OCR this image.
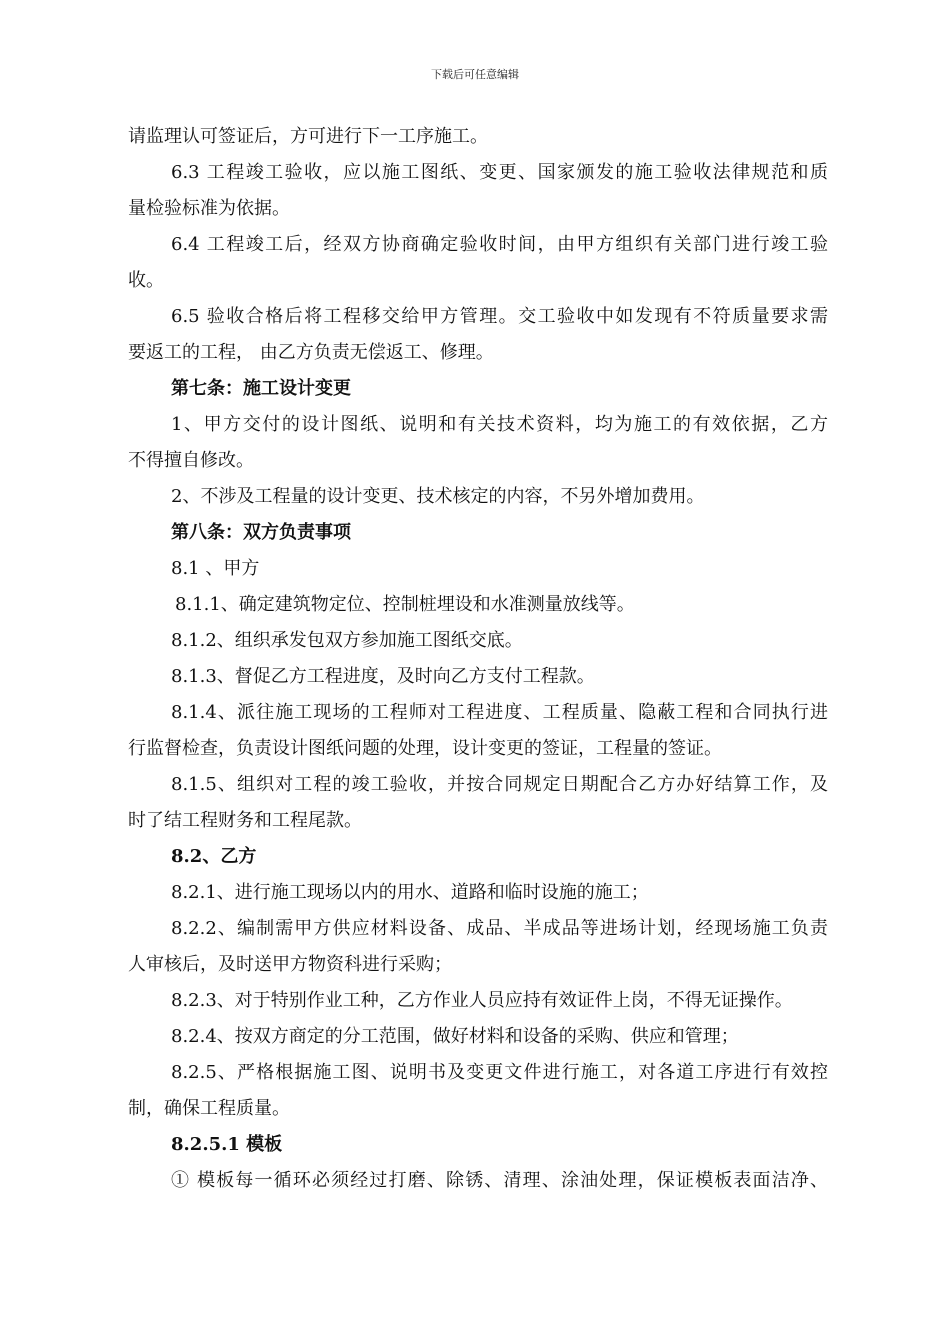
下载后可任意编辑
请监理认可签证后，方可进行下一工序施工。
6.3 工程竣工验收，应以施工图纸、变更、国家颁发的施工验收法律规范和质
量检验标准为依据。
6.4 工程竣工后，经双方协商确定验收时间，由甲方组织有关部门进行竣工验
收。
6.5 验收合格后将工程移交给甲方管理。交工验收中如发现有不符质量要求需
要返工的工程， 由乙方负责无偿返工、修理。
第七条：施工设计变更
1、甲方交付的设计图纸、说明和有关技术资料，均为施工的有效依据，乙方
不得擅自修改。
2、不涉及工程量的设计变更、技术核定的内容，不另外增加费用。
第八条：双方负责事项
8.1 、甲方
8.1.1、确定建筑物定位、控制桩埋设和水准测量放线等。
8.1.2、组织承发包双方参加施工图纸交底。
8.1.3、督促乙方工程进度，及时向乙方支付工程款。
8.1.4、派往施工现场的工程师对工程进度、工程质量、隐蔽工程和合同执行进
行监督检查，负责设计图纸问题的处理，设计变更的签证，工程量的签证。
8.1.5、组织对工程的竣工验收，并按合同规定日期配合乙方办好结算工作，及
时了结工程财务和工程尾款。
8.2、乙方
8.2.1、进行施工现场以内的用水、道路和临时设施的施工；
8.2.2、编制需甲方供应材料设备、成品、半成品等进场计划，经现场施工负责
人审核后，及时送甲方物资科进行采购；
8.2.3、对于特别作业工种，乙方作业人员应持有效证件上岗，不得无证操作。
8.2.4、按双方商定的分工范围，做好材料和设备的采购、供应和管理；
8.2.5、严格根据施工图、说明书及变更文件进行施工，对各道工序进行有效控
制，确保工程质量。
8.2.5.1 模板
① 模板每一循环必须经过打磨、除锈、清理、涂油处理，保证模板表面洁净、
